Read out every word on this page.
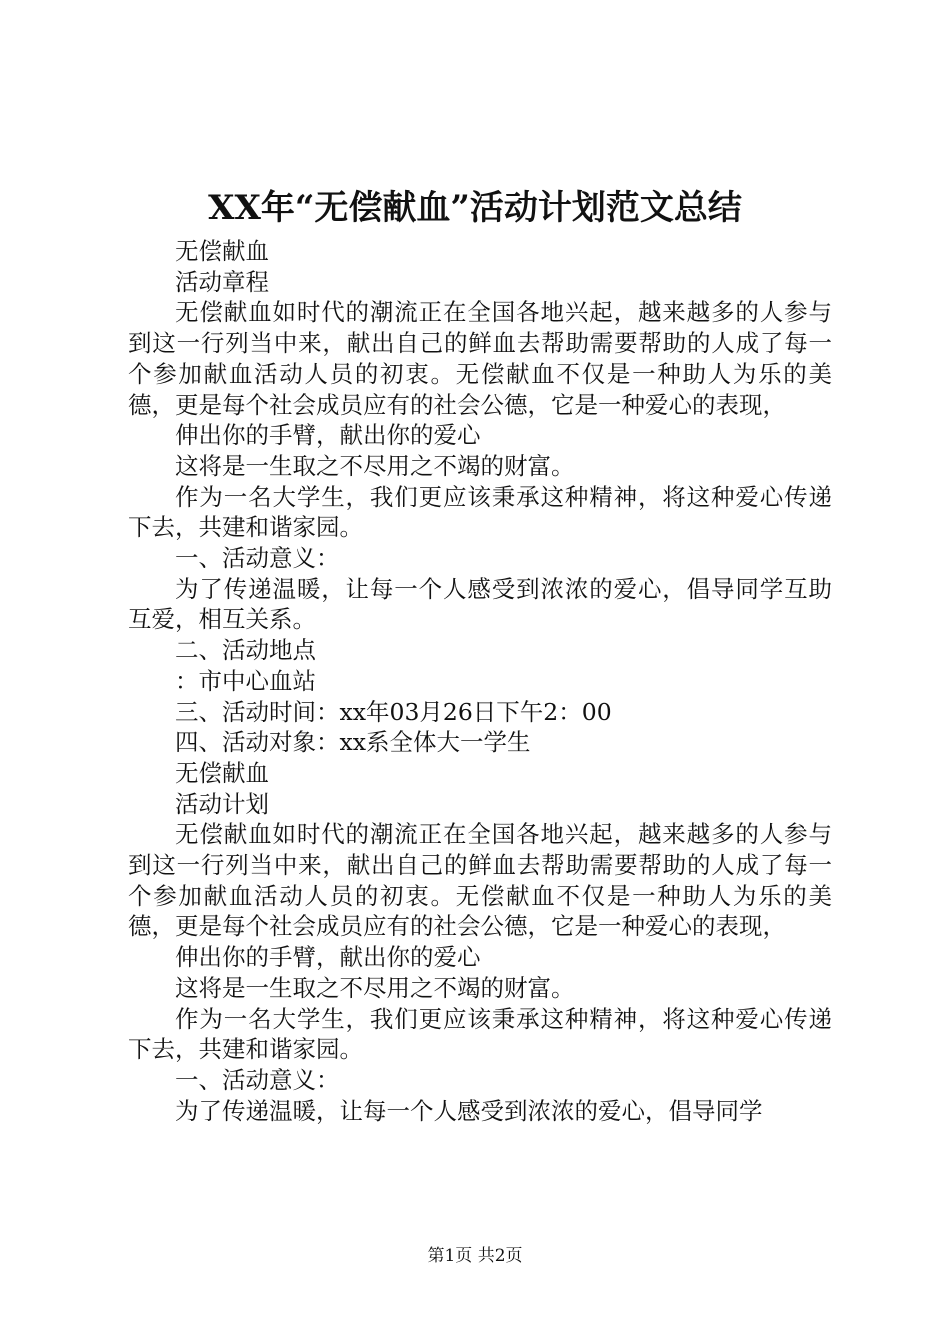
XX年“无偿献血”活动计划范文总结

无偿献血

活动章程

无偿献血如时代的潮流正在全国各地兴起，越来越多的人参与到这一行列当中来，献出自己的鲜血去帮助需要帮助的人成了每一个参加献血活动人员的初衷。无偿献血不仅是一种助人为乐的美德，更是每个社会成员应有的社会公德，它是一种爱心的表现，

伸出你的手臂，献出你的爱心

这将是一生取之不尽用之不竭的财富。

作为一名大学生，我们更应该秉承这种精神，将这种爱心传递下去，共建和谐家园。

一、活动意义：

为了传递温暖，让每一个人感受到浓浓的爱心，倡导同学互助互爱，相互关系。

二、活动地点

：市中心血站

三、活动时间：xx年03月26日下午2：00

四、活动对象：xx系全体大一学生

无偿献血

活动计划

无偿献血如时代的潮流正在全国各地兴起，越来越多的人参与到这一行列当中来，献出自己的鲜血去帮助需要帮助的人成了每一个参加献血活动人员的初衷。无偿献血不仅是一种助人为乐的美德，更是每个社会成员应有的社会公德，它是一种爱心的表现，

伸出你的手臂，献出你的爱心

这将是一生取之不尽用之不竭的财富。

作为一名大学生，我们更应该秉承这种精神，将这种爱心传递下去，共建和谐家园。

一、活动意义：

为了传递温暖，让每一个人感受到浓浓的爱心，倡导同学

第1页 共2页
